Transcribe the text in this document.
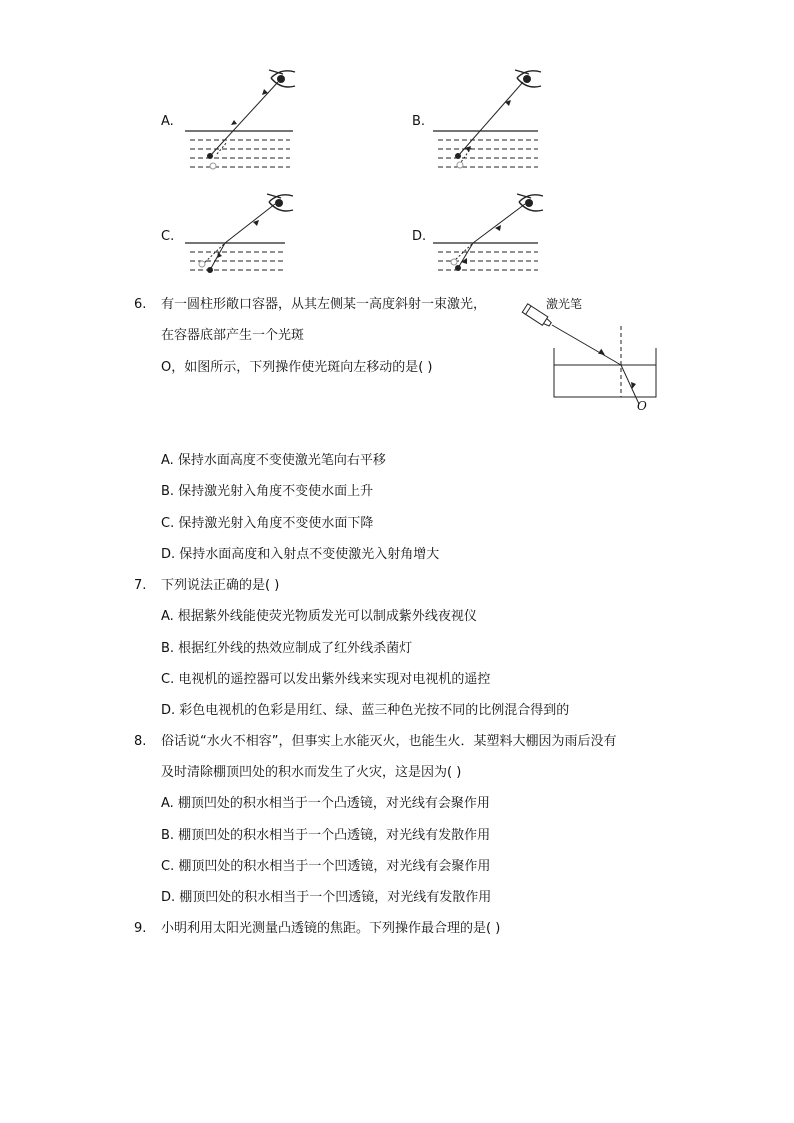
A.	B.
C.	D.
6. 有一圆柱形敞口容器，从其左侧某一高度斜射一束激光，
在容器底部产生一个光斑
O，如图所示，下列操作使光斑向左移动的是( )
激光笔
O
A. 保持水面高度不变使激光笔向右平移
B. 保持激光射入角度不变使水面上升
C. 保持激光射入角度不变使水面下降
D. 保持水面高度和入射点不变使激光入射角增大
7. 下列说法正确的是( )
A. 根据紫外线能使荧光物质发光可以制成紫外线夜视仪
B. 根据红外线的热效应制成了红外线杀菌灯
C. 电视机的遥控器可以发出紫外线来实现对电视机的遥控
D. 彩色电视机的色彩是用红、绿、蓝三种色光按不同的比例混合得到的
8. 俗话说“水火不相容”，但事实上水能灭火，也能生火．某塑料大棚因为雨后没有
及时清除棚顶凹处的积水而发生了火灾，这是因为( )
A. 棚顶凹处的积水相当于一个凸透镜，对光线有会聚作用
B. 棚顶凹处的积水相当于一个凸透镜，对光线有发散作用
C. 棚顶凹处的积水相当于一个凹透镜，对光线有会聚作用
D. 棚顶凹处的积水相当于一个凹透镜，对光线有发散作用
9. 小明利用太阳光测量凸透镜的焦距。下列操作最合理的是( )
